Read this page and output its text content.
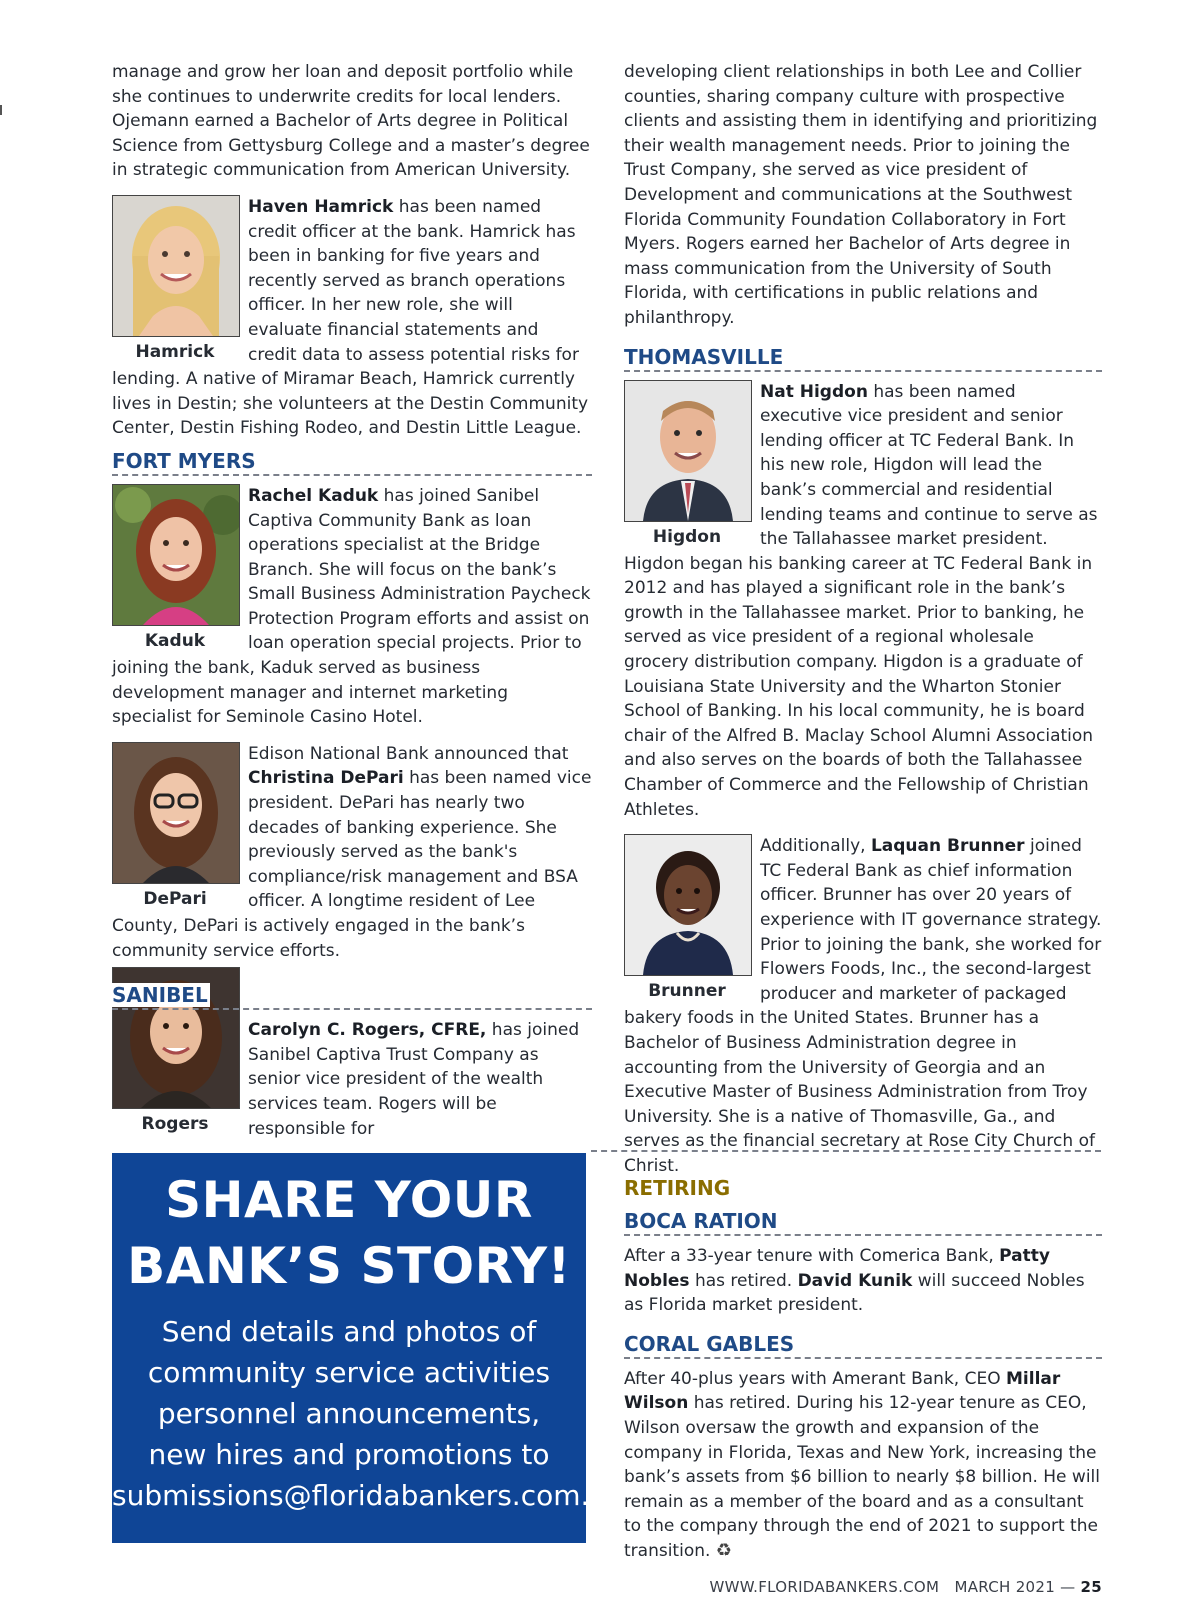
manage and grow her loan and deposit portfolio while she continues to underwrite credits for local lenders. Ojemann earned a Bachelor of Arts degree in Political Science from Gettysburg College and a master’s degree in strategic communication from American University.

Hamrick

Haven Hamrick has been named credit officer at the bank. Hamrick has been in banking for five years and recently served as branch operations officer. In her new role, she will evaluate financial statements and credit data to assess potential risks for lending. A native of Miramar Beach, Hamrick currently lives in Destin; she volunteers at the Destin Community Center, Destin Fishing Rodeo, and Destin Little League.

FORT MYERS
Kaduk

Rachel Kaduk has joined Sanibel Captiva Community Bank as loan operations specialist at the Bridge Branch. She will focus on the bank’s Small Business Administration Paycheck Protection Program efforts and assist on loan operation special projects. Prior to joining the bank, Kaduk served as business development manager and internet marketing specialist for Seminole Casino Hotel.

DePari

Edison National Bank announced that Christina DePari has been named vice president. DePari has nearly two decades of banking experience. She previously served as the bank's compliance/risk management and BSA officer. A longtime resident of Lee County, DePari is actively engaged in the bank’s community service efforts.

Rogers
SANIBEL

Carolyn C. Rogers, CFRE, has joined Sanibel Captiva Trust Company as senior vice president of the wealth services team. Rogers will be responsible for

developing client relationships in both Lee and Collier counties, sharing company culture with prospective clients and assisting them in identifying and prioritizing their wealth management needs. Prior to joining the Trust Company, she served as vice president of Development and communications at the Southwest Florida Community Foundation Collaboratory in Fort Myers. Rogers earned her Bachelor of Arts degree in mass communication from the University of South Florida, with certifications in public relations and philanthropy.

THOMASVILLE
Higdon

Nat Higdon has been named executive vice president and senior lending officer at TC Federal Bank. In his new role, Higdon will lead the bank’s commercial and residential lending teams and continue to serve as the Tallahassee market president. Higdon began his banking career at TC Federal Bank in 2012 and has played a significant role in the bank’s growth in the Tallahassee market. Prior to banking, he served as vice president of a regional wholesale grocery distribution company. Higdon is a graduate of Louisiana State University and the Wharton Stonier School of Banking. In his local community, he is board chair of the Alfred B. Maclay School Alumni Association and also serves on the boards of both the Tallahassee Chamber of Commerce and the Fellowship of Christian Athletes.

Brunner

Additionally, Laquan Brunner joined TC Federal Bank as chief information officer. Brunner has over 20 years of experience with IT governance strategy. Prior to joining the bank, she worked for Flowers Foods, Inc., the second-largest producer and marketer of packaged bakery foods in the United States. Brunner has a Bachelor of Business Administration degree in accounting from the University of Georgia and an Executive Master of Business Administration from Troy University. She is a native of Thomasville, Ga., and serves as the financial secretary at Rose City Church of Christ.

SHARE YOUR
BANK’S STORY!
Send details and photos of
community service activities
personnel announcements,
new hires and promotions to
submissions@floridabankers.com.
RETIRING
BOCA RATION

After a 33-year tenure with Comerica Bank, Patty Nobles has retired. David Kunik will succeed Nobles as Florida market president.

CORAL GABLES

After 40-plus years with Amerant Bank, CEO Millar Wilson has retired. During his 12-year tenure as CEO, Wilson oversaw the growth and expansion of the company in Florida, Texas and New York, increasing the bank’s assets from $6 billion to nearly $8 billion. He will remain as a member of the board and as a consultant to the company through the end of 2021 to support the transition. ♻

WWW.FLORIDABANKERS.COM MARCH 2021 — 25
